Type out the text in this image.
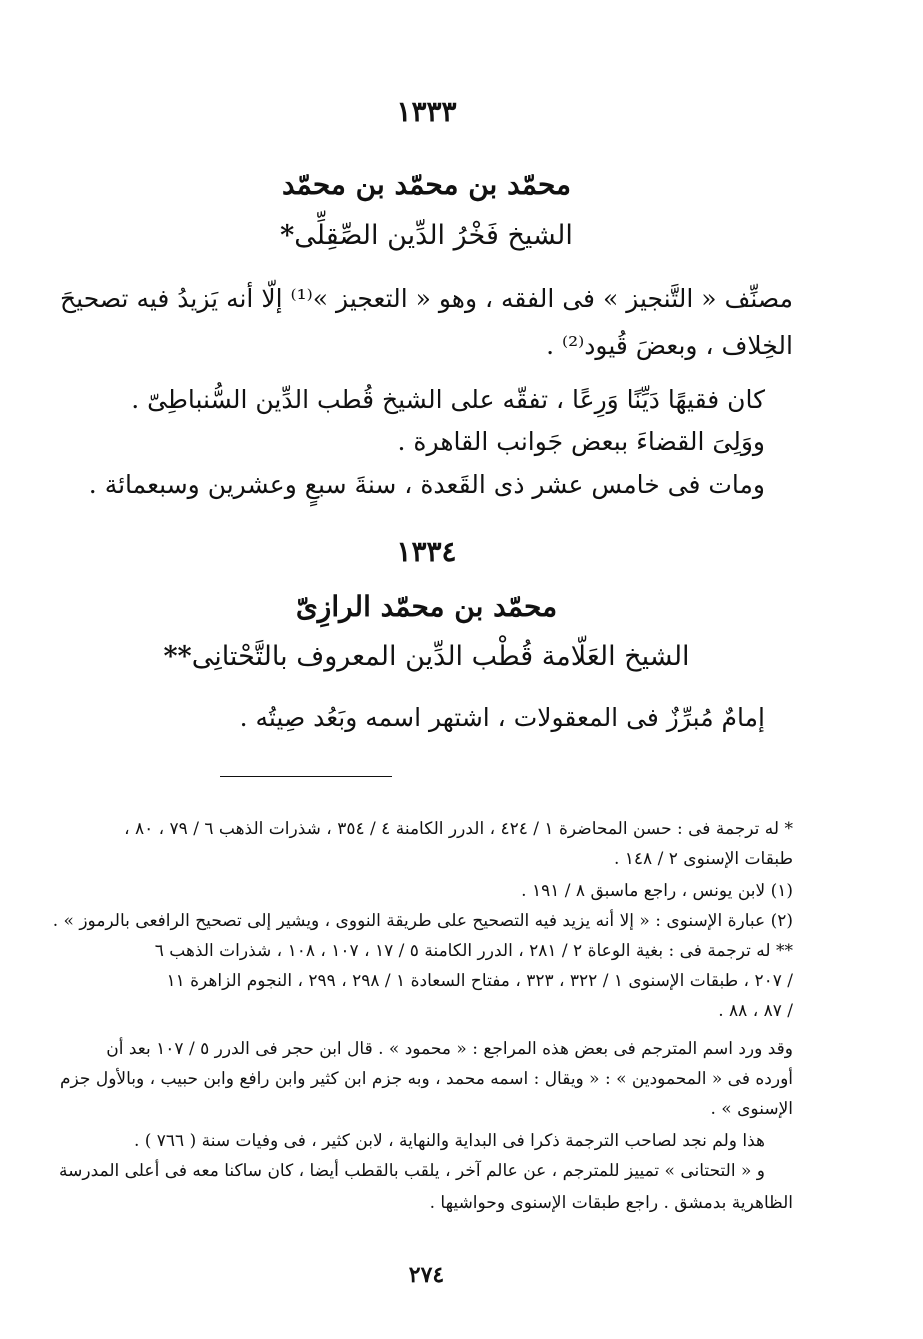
١٣٣٣
محمّد بن محمّد بن محمّد
الشيخ فَخْرُ الدِّين الصِّقِلِّى*
مصنِّف « التَّنجيز » فى الفقه ، وهو « التعجيز »⁽¹⁾ إلّا أنه يَزيدُ فيه تصحيحَ
الخِلاف ، وبعضَ قُيود⁽²⁾ .
كان فقيهًا دَيِّنًا وَرِعًا ، تفقّه على الشيخ قُطب الدِّين السُّنباطِىّ .
ووَلِىَ القضاءَ ببعض جَوانب القاهرة .
ومات فى خامس عشر ذى القَعدة ، سنةَ سبعٍ وعشرين وسبعمائة .
١٣٣٤
محمّد بن محمّد الرازِىّ
الشيخ العَلّامة قُطْب الدِّين المعروف بالتَّحْتانِى**
إمامٌ مُبرِّزٌ فى المعقولات ، اشتهر اسمه وبَعُد صِيتُه .
* له ترجمة فى : حسن المحاضرة ١ / ٤٢٤ ، الدرر الكامنة ٤ / ٣٥٤ ، شذرات الذهب ٦ / ٧٩ ، ٨٠ ،
طبقات الإسنوى ٢ / ١٤٨ .
(١) لابن يونس ، راجع ماسبق ٨ / ١٩١ .
(٢) عبارة الإسنوى : « إلا أنه يزيد فيه التصحيح على طريقة النووى ، ويشير إلى تصحيح الرافعى بالرموز » .
** له ترجمة فى : بغية الوعاة ٢ / ٢٨١ ، الدرر الكامنة ٥ / ١٧ ، ١٠٧ ، ١٠٨ ، شذرات الذهب ٦
/ ٢٠٧ ، طبقات الإسنوى ١ / ٣٢٢ ، ٣٢٣ ، مفتاح السعادة ١ / ٢٩٨ ، ٢٩٩ ، النجوم الزاهرة ١١
/ ٨٧ ، ٨٨ .
وقد ورد اسم المترجم فى بعض هذه المراجع : « محمود » . قال ابن حجر فى الدرر ٥ / ١٠٧ بعد أن
أورده فى « المحمودين » : « ويقال : اسمه محمد ، وبه جزم ابن كثير وابن رافع وابن حبيب ، وبالأول جزم
الإسنوى » .
هذا ولم نجد لصاحب الترجمة ذكرا فى البداية والنهاية ، لابن كثير ، فى وفيات سنة ( ٧٦٦ ) .
و « التحتانى » تمييز للمترجم ، عن عالم آخر ، يلقب بالقطب أيضا ، كان ساكنا معه فى أعلى المدرسة
الظاهرية بدمشق . راجع طبقات الإسنوى وحواشيها .
٢٧٤
